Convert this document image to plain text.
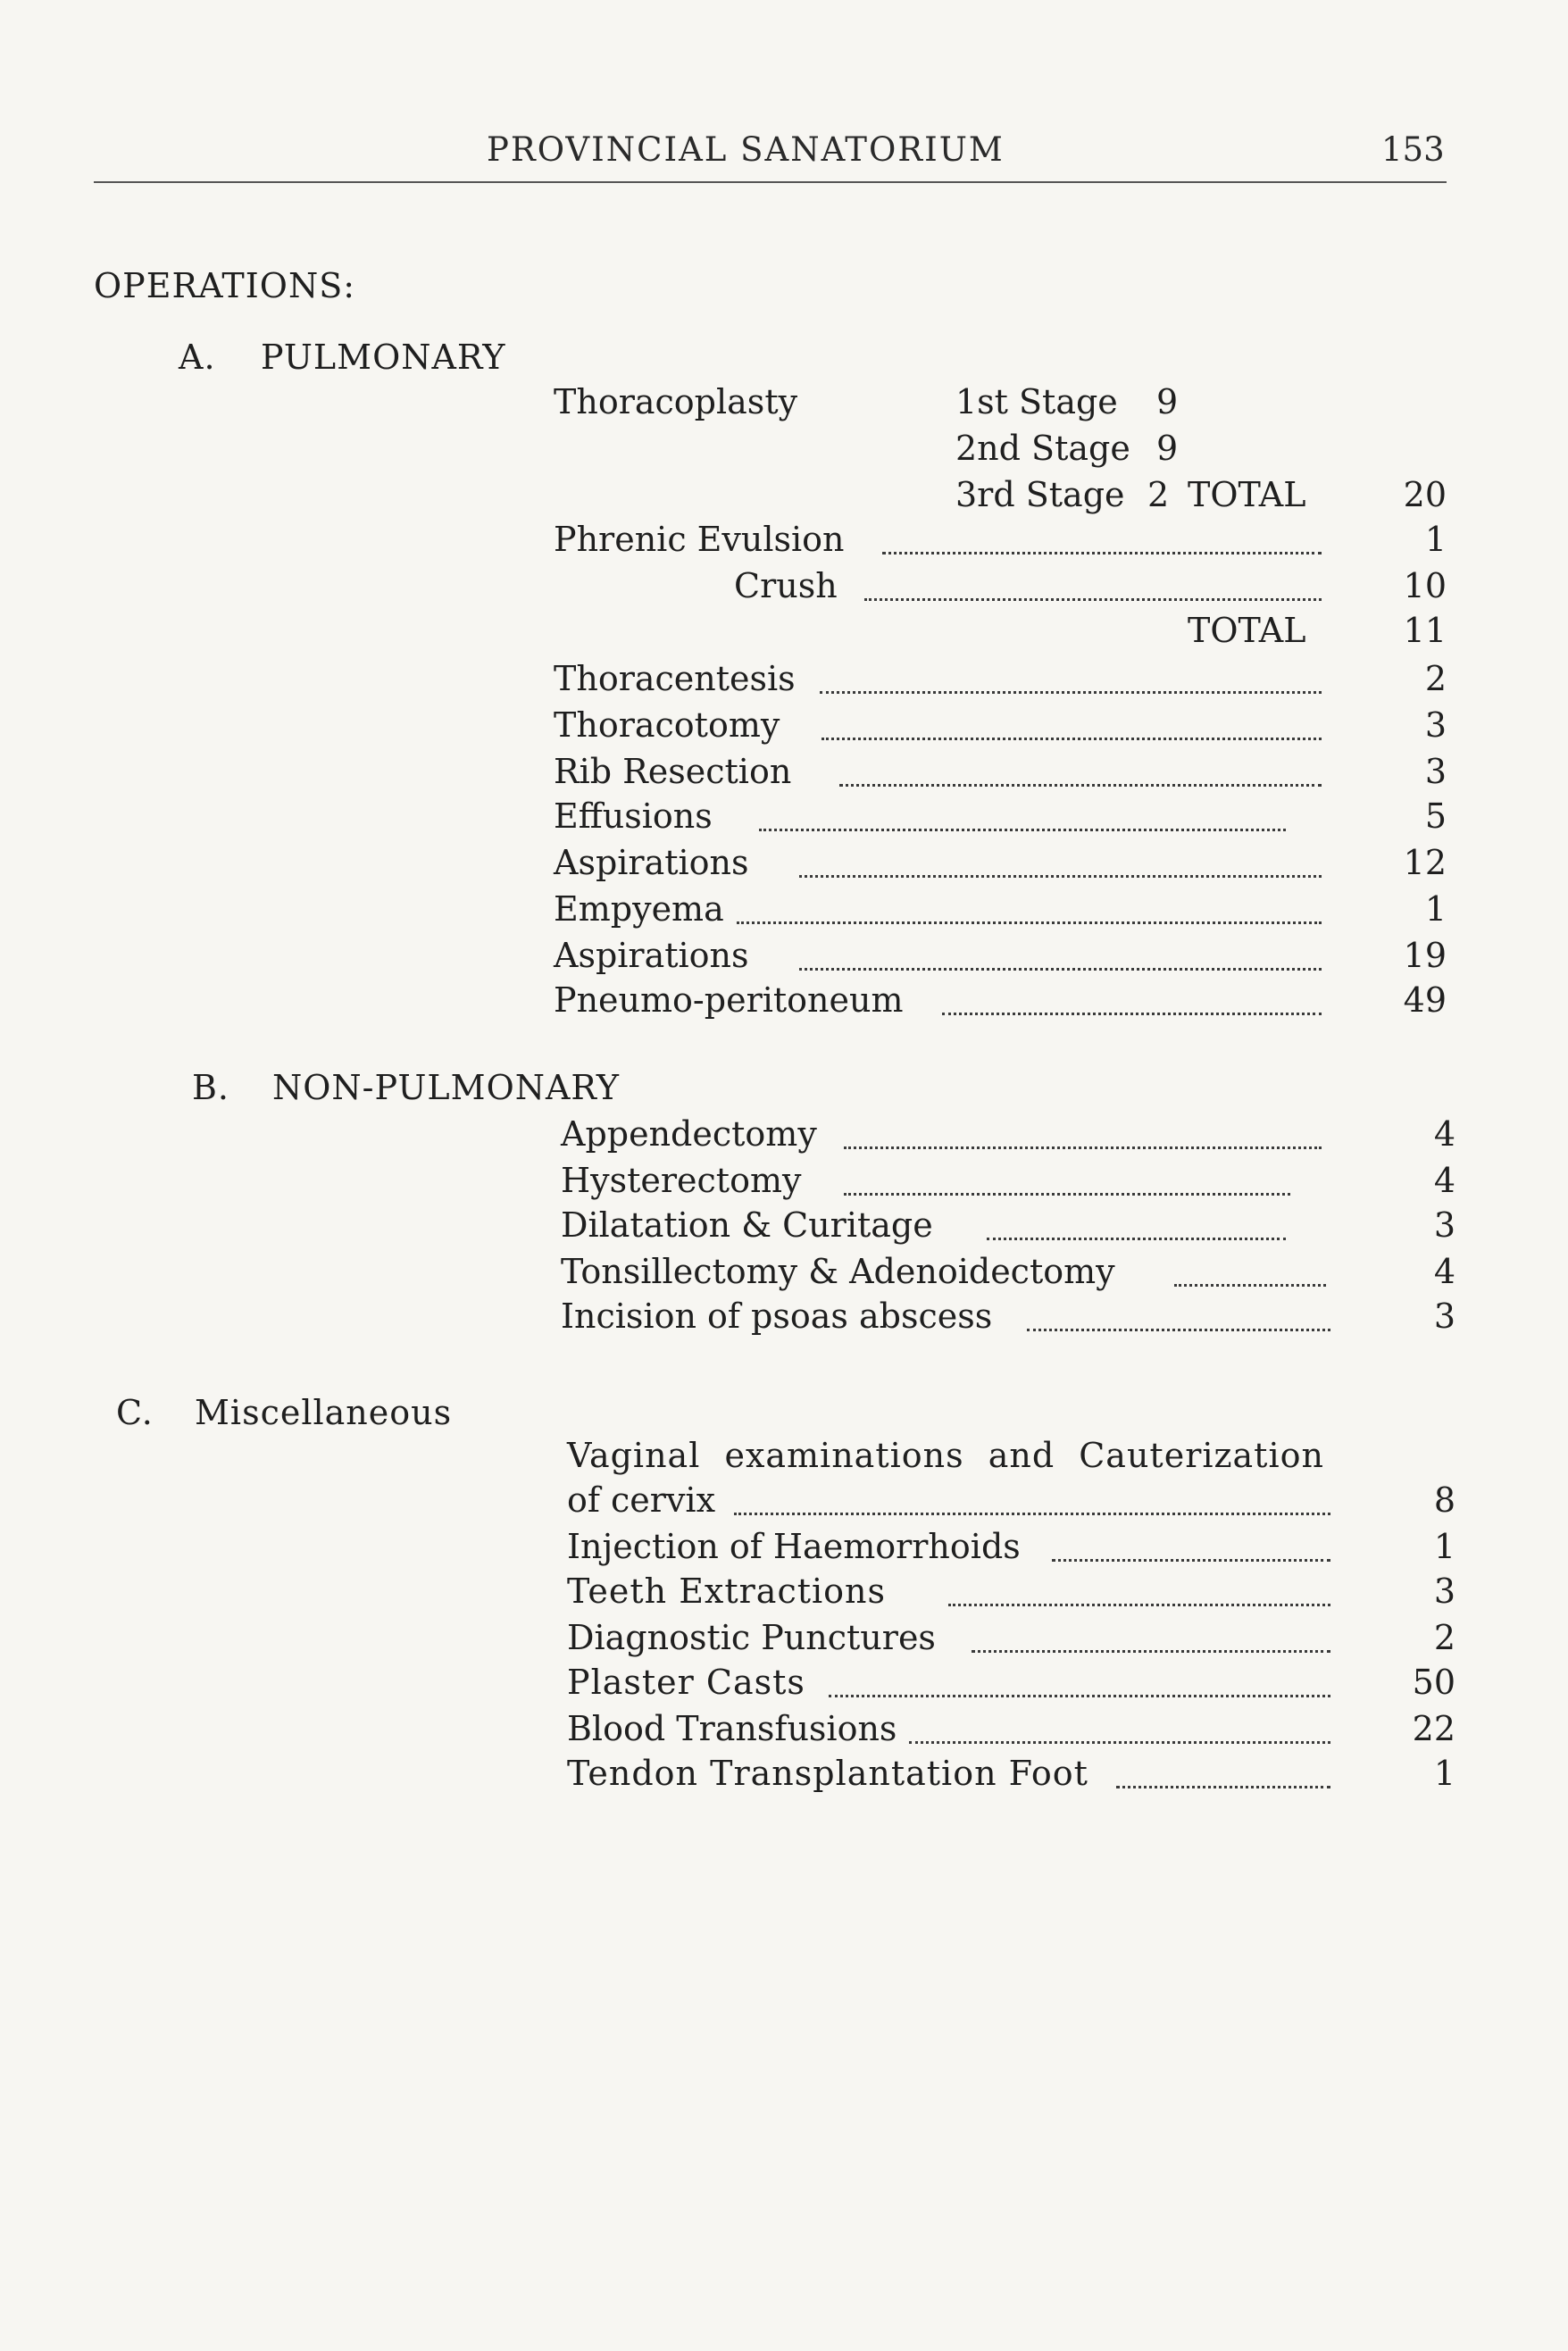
PROVINCIAL SANATORIUM	153
OPERATIONS:
A. PULMONARY
Thoracoplasty	1st Stage 9
2nd Stage 9
3rd Stage 2 TOTAL	20
Phrenic Evulsion	1
Crush	10
TOTAL	11
Thoracentesis	2
Thoracotomy	3
Rib Resection	3
Effusions	5
Aspirations	12
Empyema	1
Aspirations	19
Pneumo-peritoneum	49
B. NON-PULMONARY
Appendectomy	4
Hysterectomy	4
Dilatation & Curitage	3
Tonsillectomy & Adenoidectomy	4
Incision of psoas abscess	3
C. Miscellaneous
Vaginal examinations and Cauterization
of cervix	8
Injection of Haemorrhoids	1
Teeth Extractions	3
Diagnostic Punctures	2
Plaster Casts	50
Blood Transfusions	22
Tendon Transplantation Foot	1
